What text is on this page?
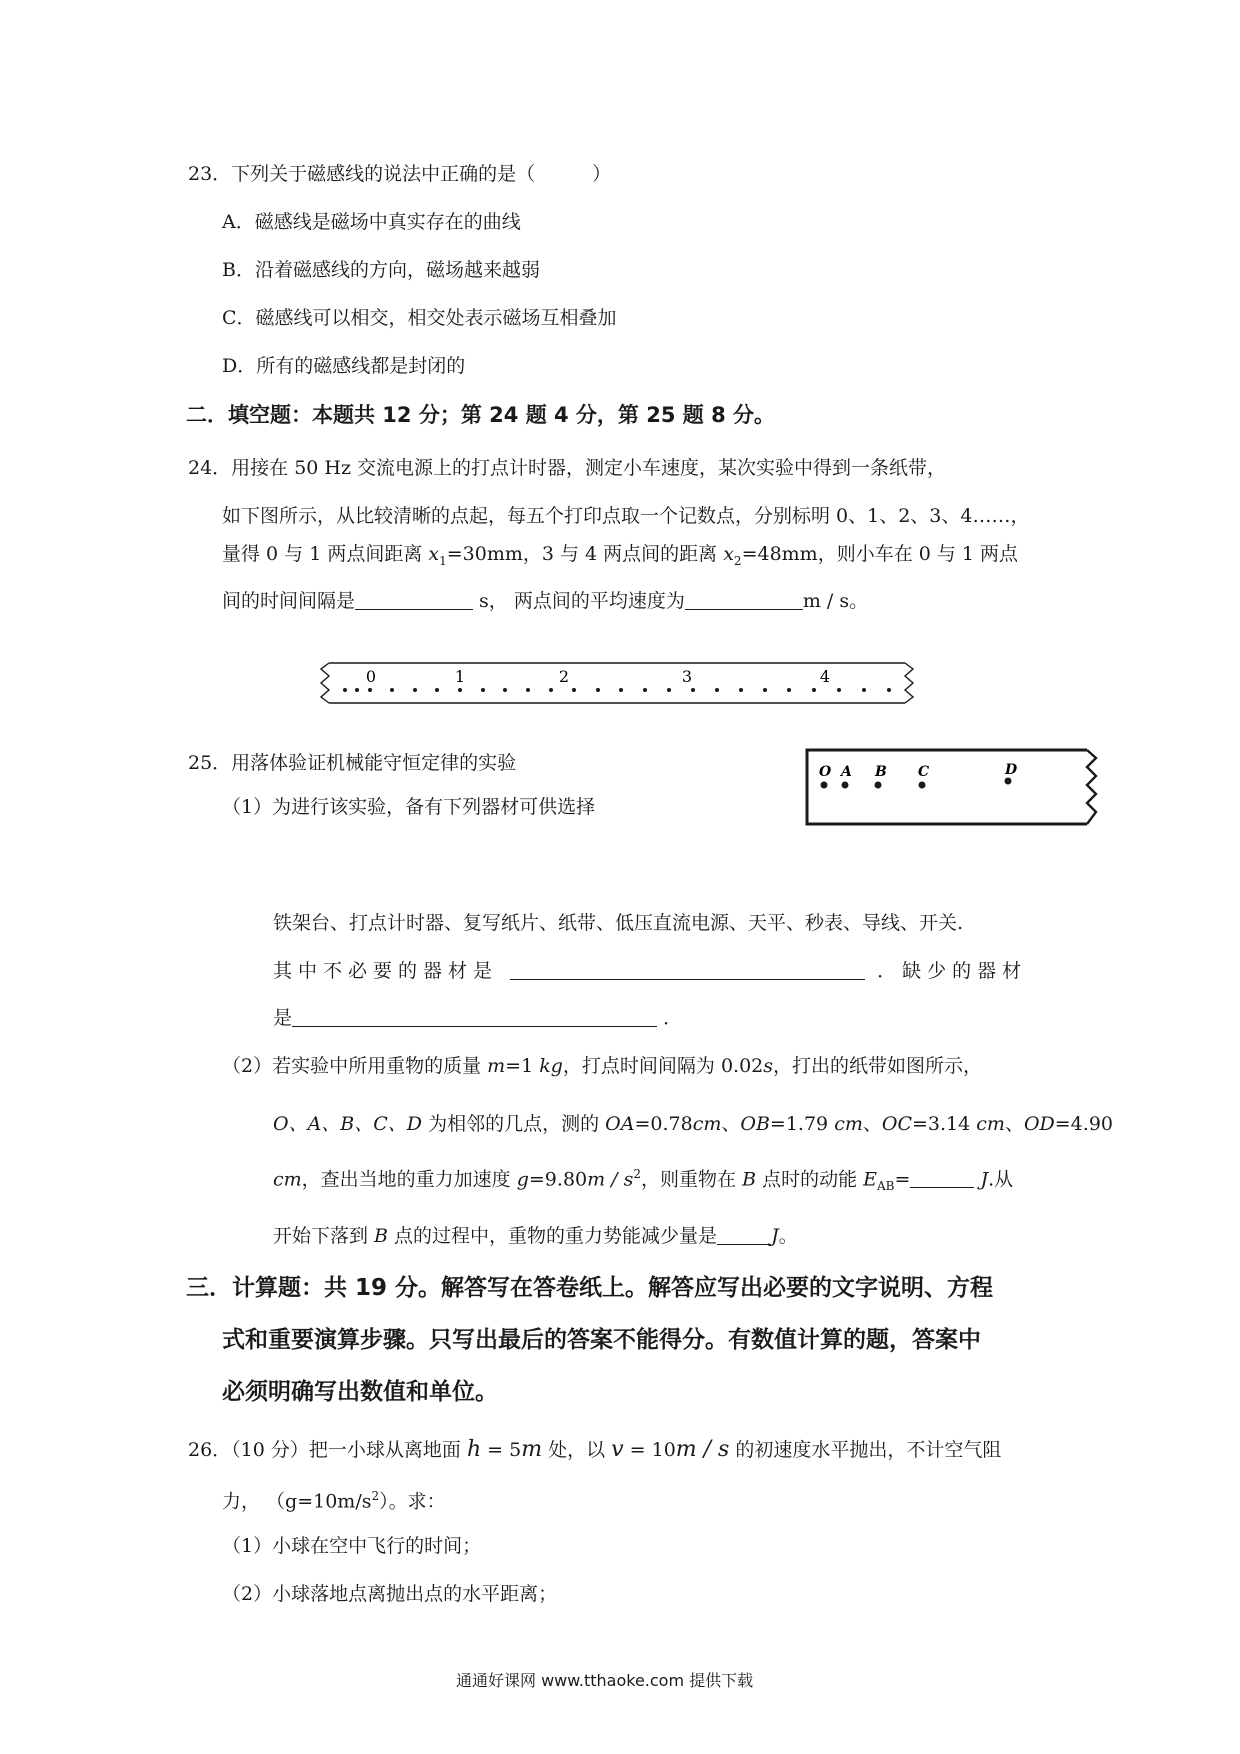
23．下列关于磁感线的说法中正确的是（　　　）
A．磁感线是磁场中真实存在的曲线
B．沿着磁感线的方向，磁场越来越弱
C．磁感线可以相交，相交处表示磁场互相叠加
D．所有的磁感线都是封闭的
二．填空题：本题共 12 分；第 24 题 4 分，第 25 题 8 分。
24．用接在 50 Hz 交流电源上的打点计时器，测定小车速度，某次实验中得到一条纸带，
如下图所示，从比较清晰的点起，每五个打印点取一个记数点，分别标明 0、1、2、3、4……，
量得 0 与 1 两点间距离 $x_1=30mm$，3 与 4 两点间的距离 $x_2=48mm$，则小车在 0 与 1 两点
间的时间间隔是	s， 两点间的平均速度为	m / s。
0	1	2	3	4
25．用落体验证机械能守恒定律的实验
（1）为进行该实验，备有下列器材可供选择
O A B C	D
铁架台、打点计时器、复写纸片、纸带、低压直流电源、天平、秒表、导线、开关.
其中不必要的器材是	．缺少的器材
是	．
（2）若实验中所用重物的质量 m=1 kg，打点时间间隔为 0.02s，打出的纸带如图所示，
O、A、B、C、D 为相邻的几点，测的 OA=0.78cm、OB=1.79 cm、OC=3.14 cm、OD=4.90
cm，查出当地的重力加速度 $g=9.80m / s^2$，则重物在 B 点时的动能 $E_{AB}=$	J.从
开始下落到 B 点的过程中，重物的重力势能减少量是	J。
三．计算题：共 19 分。解答写在答卷纸上。解答应写出必要的文字说明、方程
式和重要演算步骤。只写出最后的答案不能得分。有数值计算的题，答案中
必须明确写出数值和单位。
26．（10 分）把一小球从离地面 h = 5m 处，以 v = 10m / s 的初速度水平抛出，不计空气阻
力， $(g=10m/s^2)$。求：
（1）小球在空中飞行的时间；
（2）小球落地点离抛出点的水平距离；
通通好课网 www.tthaoke.com 提供下载
